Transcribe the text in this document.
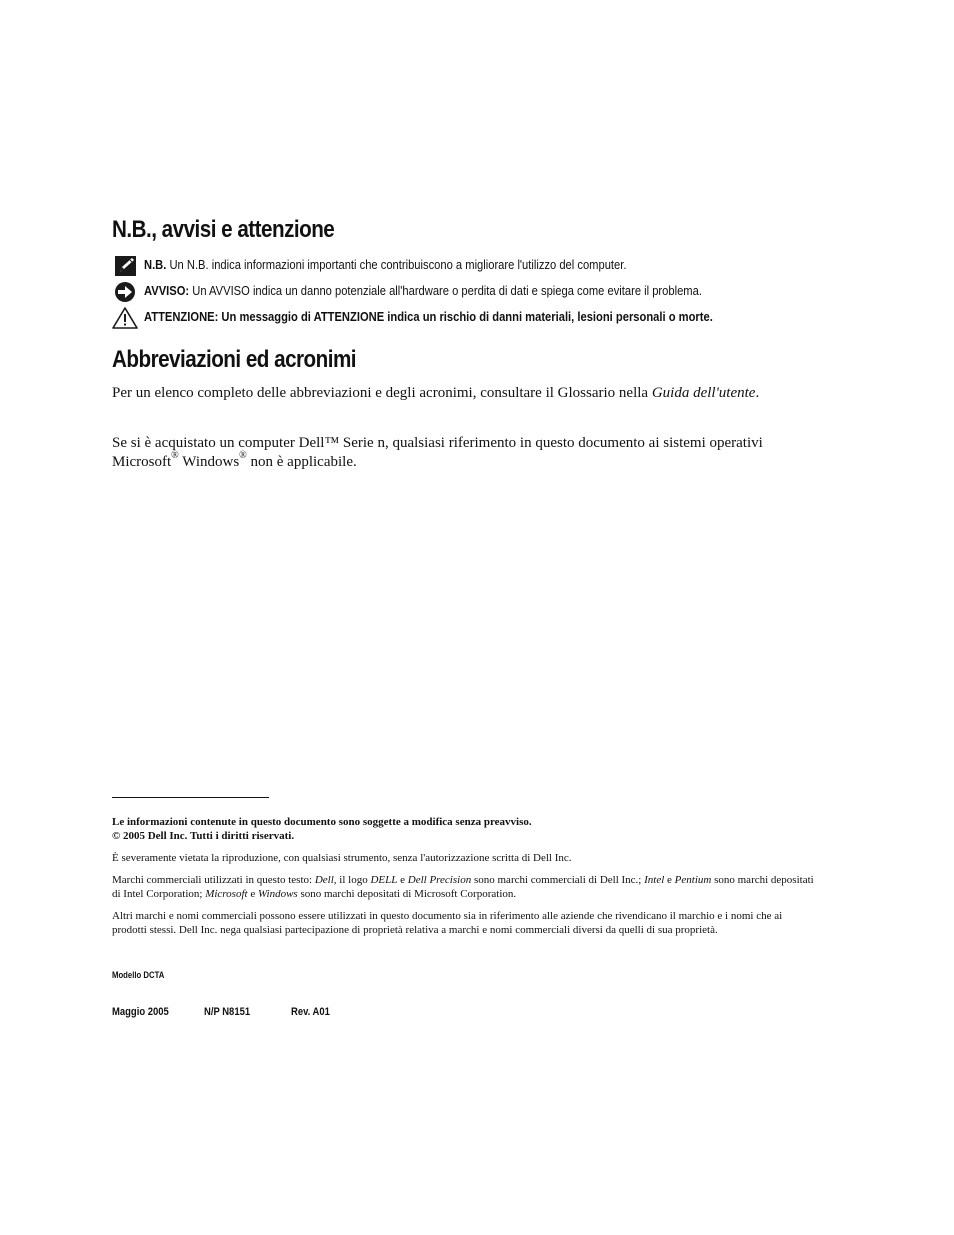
N.B., avvisi e attenzione
N.B. Un N.B. indica informazioni importanti che contribuiscono a migliorare l'utilizzo del computer.
AVVISO: Un AVVISO indica un danno potenziale all'hardware o perdita di dati e spiega come evitare il problema.
ATTENZIONE: Un messaggio di ATTENZIONE indica un rischio di danni materiali, lesioni personali o morte.
Abbreviazioni ed acronimi

Per un elenco completo delle abbreviazioni e degli acronimi, consultare il Glossario nella Guida dell'utente.

Se si è acquistato un computer Dell™ Serie n, qualsiasi riferimento in questo documento ai sistemi operativi Microsoft® Windows® non è applicabile.

Le informazioni contenute in questo documento sono soggette a modifica senza preavviso.
© 2005 Dell Inc. Tutti i diritti riservati.

È severamente vietata la riproduzione, con qualsiasi strumento, senza l'autorizzazione scritta di Dell Inc.

Marchi commerciali utilizzati in questo testo: Dell, il logo DELL e Dell Precision sono marchi commerciali di Dell Inc.; Intel e Pentium sono marchi depositati di Intel Corporation; Microsoft e Windows sono marchi depositati di Microsoft Corporation.

Altri marchi e nomi commerciali possono essere utilizzati in questo documento sia in riferimento alle aziende che rivendicano il marchio e i nomi che ai prodotti stessi. Dell Inc. nega qualsiasi partecipazione di proprietà relativa a marchi e nomi commerciali diversi da quelli di sua proprietà.

Modello DCTA

Maggio 2005	N/P N8151	Rev. A01
